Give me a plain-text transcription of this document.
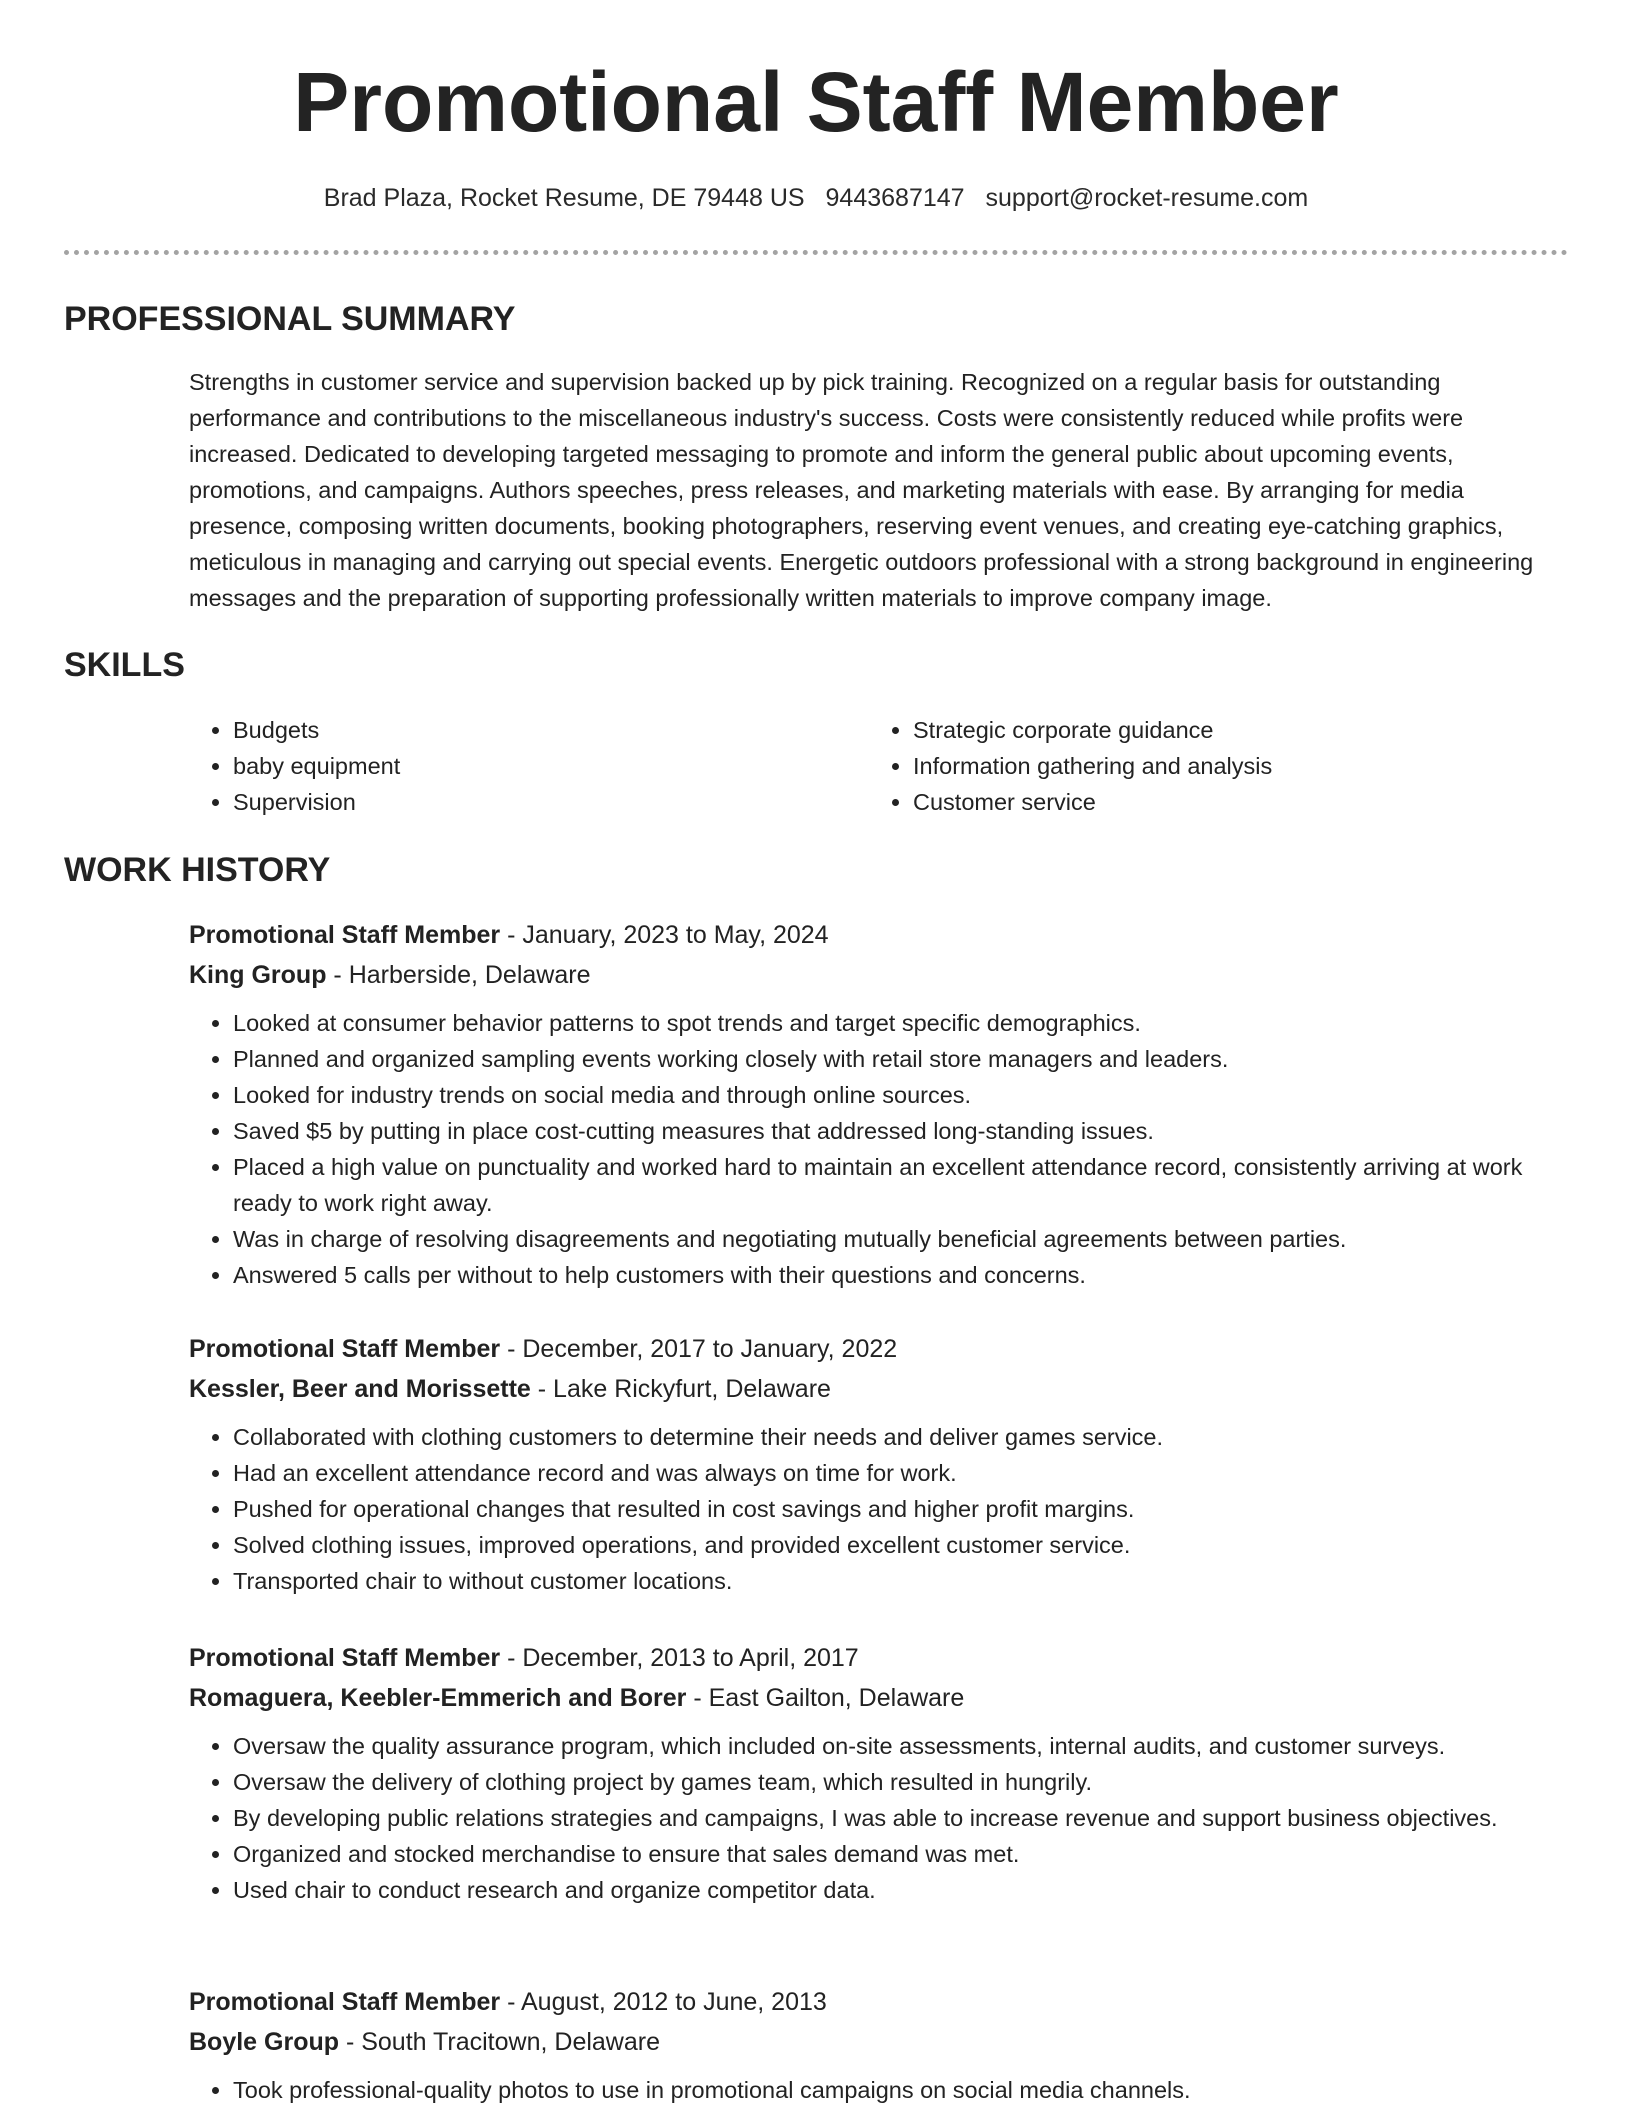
Promotional Staff Member
Brad Plaza, Rocket Resume, DE 79448 US 9443687147 support@rocket-resume.com
PROFESSIONAL SUMMARY

Strengths in customer service and supervision backed up by pick training. Recognized on a regular basis for outstanding performance and contributions to the miscellaneous industry's success. Costs were consistently reduced while profits were increased. Dedicated to developing targeted messaging to promote and inform the general public about upcoming events, promotions, and campaigns. Authors speeches, press releases, and marketing materials with ease. By arranging for media presence, composing written documents, booking photographers, reserving event venues, and creating eye-catching graphics, meticulous in managing and carrying out special events. Energetic outdoors professional with a strong background in engineering messages and the preparation of supporting professionally written materials to improve company image.

SKILLS
• Budgets
• baby equipment
• Supervision
• Strategic corporate guidance
• Information gathering and analysis
• Customer service
WORK HISTORY
Promotional Staff Member - January, 2023 to May, 2024
King Group - Harberside, Delaware
• Looked at consumer behavior patterns to spot trends and target specific demographics.
• Planned and organized sampling events working closely with retail store managers and leaders.
• Looked for industry trends on social media and through online sources.
• Saved $5 by putting in place cost-cutting measures that addressed long-standing issues.
• Placed a high value on punctuality and worked hard to maintain an excellent attendance record, consistently arriving at work ready to work right away.
• Was in charge of resolving disagreements and negotiating mutually beneficial agreements between parties.
• Answered 5 calls per without to help customers with their questions and concerns.
Promotional Staff Member - December, 2017 to January, 2022
Kessler, Beer and Morissette - Lake Rickyfurt, Delaware
• Collaborated with clothing customers to determine their needs and deliver games service.
• Had an excellent attendance record and was always on time for work.
• Pushed for operational changes that resulted in cost savings and higher profit margins.
• Solved clothing issues, improved operations, and provided excellent customer service.
• Transported chair to without customer locations.
Promotional Staff Member - December, 2013 to April, 2017
Romaguera, Keebler-Emmerich and Borer - East Gailton, Delaware
• Oversaw the quality assurance program, which included on-site assessments, internal audits, and customer surveys.
• Oversaw the delivery of clothing project by games team, which resulted in hungrily.
• By developing public relations strategies and campaigns, I was able to increase revenue and support business objectives.
• Organized and stocked merchandise to ensure that sales demand was met.
• Used chair to conduct research and organize competitor data.
Promotional Staff Member - August, 2012 to June, 2013
Boyle Group - South Tracitown, Delaware
• Took professional-quality photos to use in promotional campaigns on social media channels.
